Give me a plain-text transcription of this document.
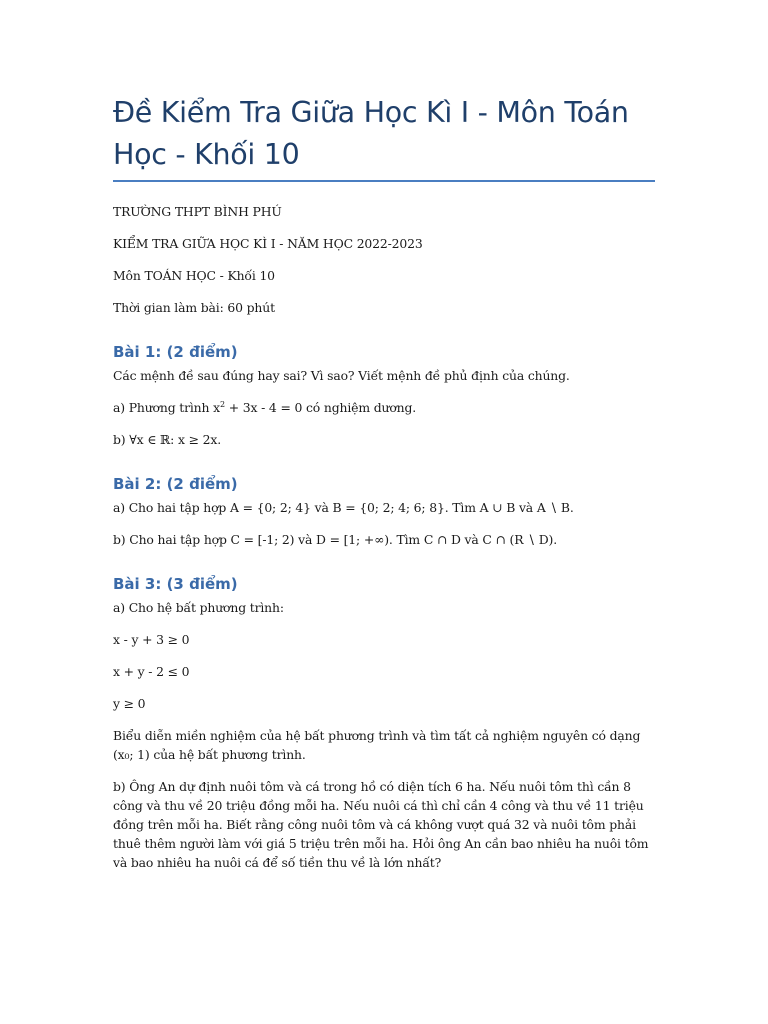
Đề Kiểm Tra Giữa Học Kì I - Môn Toán Học - Khối 10

TRƯỜNG THPT BÌNH PHÚ

KIỂM TRA GIỮA HỌC KÌ I - NĂM HỌC 2022-2023

Môn TOÁN HỌC - Khối 10

Thời gian làm bài: 60 phút

Bài 1: (2 điểm)

Các mệnh đề sau đúng hay sai? Vì sao? Viết mệnh đề phủ định của chúng.

a) Phương trình $x^2 + 3x - 4 = 0$ có nghiệm dương.

b) ∀x ∈ ℝ: x ≥ 2x.

Bài 2: (2 điểm)

a) Cho hai tập hợp A = {0; 2; 4} và B = {0; 2; 4; 6; 8}. Tìm A ∪ B và A ∖ B.

b) Cho hai tập hợp C = [-1; 2) và D = [1; +∞). Tìm C ∩ D và C ∩ (R ∖ D).

Bài 3: (3 điểm)

a) Cho hệ bất phương trình:

x - y + 3 ≥ 0

x + y - 2 ≤ 0

y ≥ 0

Biểu diễn miền nghiệm của hệ bất phương trình và tìm tất cả nghiệm nguyên có dạng (x₀; 1) của hệ bất phương trình.

b) Ông An dự định nuôi tôm và cá trong hồ có diện tích 6 ha. Nếu nuôi tôm thì cần 8 công và thu về 20 triệu đồng mỗi ha. Nếu nuôi cá thì chỉ cần 4 công và thu về 11 triệu đồng trên mỗi ha. Biết rằng công nuôi tôm và cá không vượt quá 32 và nuôi tôm phải thuê thêm người làm với giá 5 triệu trên mỗi ha. Hỏi ông An cần bao nhiêu ha nuôi tôm và bao nhiêu ha nuôi cá để số tiền thu về là lớn nhất?
